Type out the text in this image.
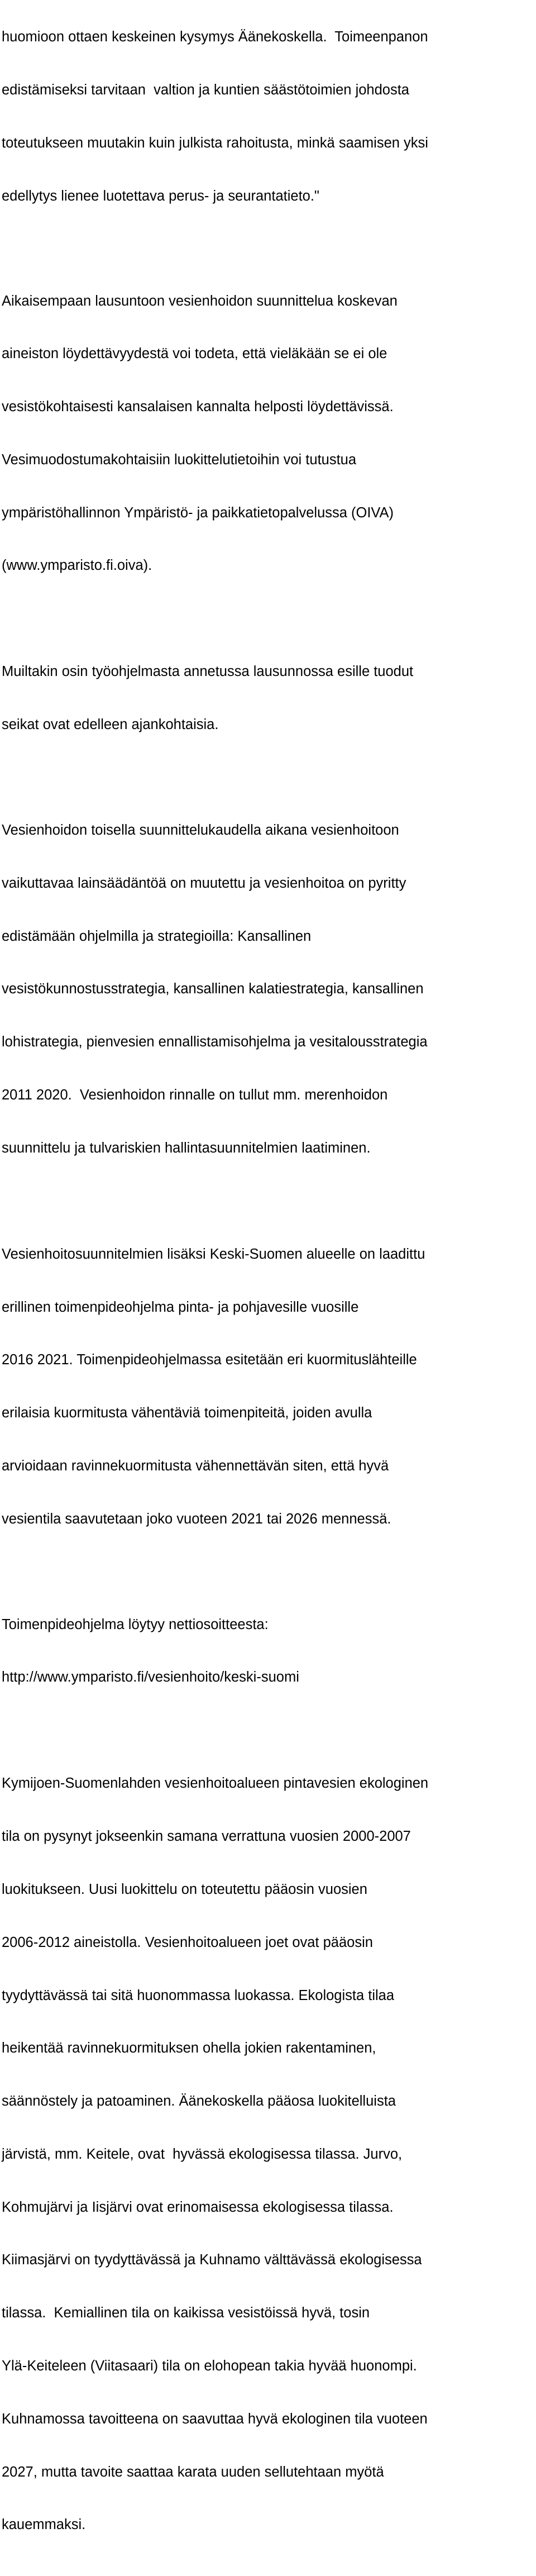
huomioon ottaen keskeinen kysymys Äänekoskella.  Toimeenpanon

edistämiseksi tarvitaan  valtion ja kuntien säästötoimien johdosta

toteutukseen muutakin kuin julkista rahoitusta, minkä saamisen yksi

edellytys lienee luotettava perus- ja seurantatieto."

Aikaisempaan lausuntoon vesienhoidon suunnittelua koskevan

aineiston löydettävyydestä voi todeta, että vieläkään se ei ole

vesistökohtaisesti kansalaisen kannalta helposti löydettävissä.

Vesimuodostumakohtaisiin luokittelutietoihin voi tutustua

ympäristöhallinnon Ympäristö- ja paikkatietopalvelussa (OIVA)

(www.ymparisto.fi.oiva).

Muiltakin osin työohjelmasta annetussa lausunnossa esille tuodut

seikat ovat edelleen ajankohtaisia.

Vesienhoidon toisella suunnittelukaudella aikana vesienhoitoon

vaikuttavaa lainsäädäntöä on muutettu ja vesienhoitoa on pyritty

edistämään ohjelmilla ja strategioilla: Kansallinen

vesistökunnostusstrategia, kansallinen kalatiestrategia, kansallinen

lohistrategia, pienvesien ennallistamisohjelma ja vesitalousstrategia

2011 2020.  Vesienhoidon rinnalle on tullut mm. merenhoidon

suunnittelu ja tulvariskien hallintasuunnitelmien laatiminen.

Vesienhoitosuunnitelmien lisäksi Keski-Suomen alueelle on laadittu

erillinen toimenpideohjelma pinta- ja pohjavesille vuosille

2016 2021. Toimenpideohjelmassa esitetään eri kuormituslähteille

erilaisia kuormitusta vähentäviä toimenpiteitä, joiden avulla

arvioidaan ravinnekuormitusta vähennettävän siten, että hyvä

vesientila saavutetaan joko vuoteen 2021 tai 2026 mennessä.

Toimenpideohjelma löytyy nettiosoitteesta:

http://www.ymparisto.fi/vesienhoito/keski-suomi

Kymijoen-Suomenlahden vesienhoitoalueen pintavesien ekologinen

tila on pysynyt jokseenkin samana verrattuna vuosien 2000-2007

luokitukseen. Uusi luokittelu on toteutettu pääosin vuosien

2006-2012 aineistolla. Vesienhoitoalueen joet ovat pääosin

tyydyttävässä tai sitä huonommassa luokassa. Ekologista tilaa

heikentää ravinnekuormituksen ohella jokien rakentaminen,

säännöstely ja patoaminen. Äänekoskella pääosa luokitelluista

järvistä, mm. Keitele, ovat  hyvässä ekologisessa tilassa. Jurvo,

Kohmujärvi ja Iisjärvi ovat erinomaisessa ekologisessa tilassa.

Kiimasjärvi on tyydyttävässä ja Kuhnamo välttävässä ekologisessa

tilassa.  Kemiallinen tila on kaikissa vesistöissä hyvä, tosin

Ylä-Keiteleen (Viitasaari) tila on elohopean takia hyvää huonompi.

Kuhnamossa tavoitteena on saavuttaa hyvä ekologinen tila vuoteen

2027, mutta tavoite saattaa karata uuden sellutehtaan myötä

kauemmaksi.
